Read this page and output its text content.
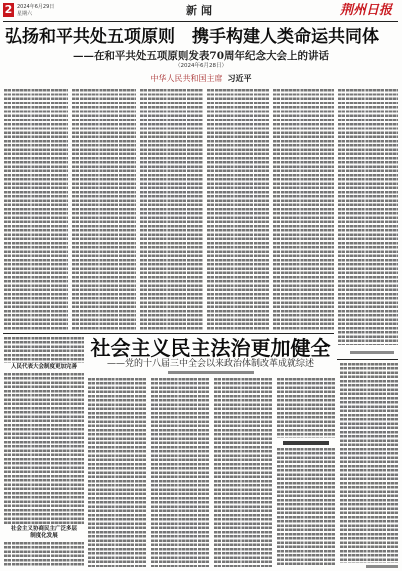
2 2024年6月29日
星期六	新闻	荆州日报
弘扬和平共处五项原则　携手构建人类命运共同体
——在和平共处五项原则发表70周年纪念大会上的讲话
（2024年6月28日）
中华人民共和国主席 习近平
社会主义民主法治更加健全
——党的十八届三中全会以来政治体制改革成就综述
人民代表大会制度更加完善
社会主义协商民主广泛多层制度化发展
